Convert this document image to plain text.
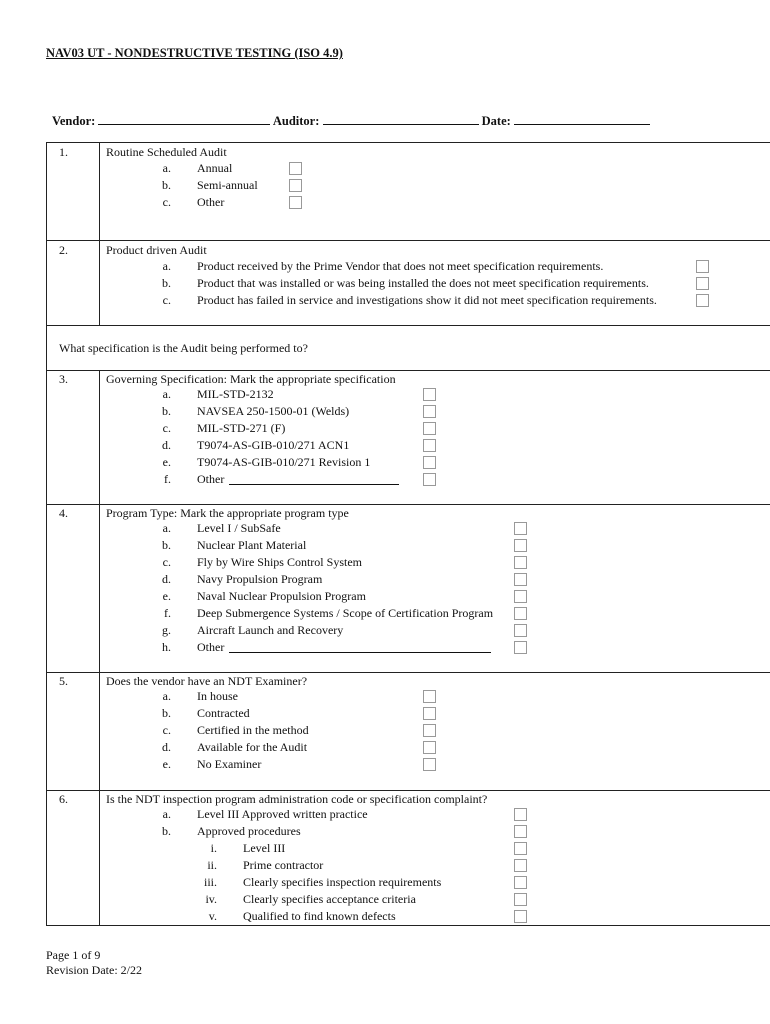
NAV03 UT - NONDESTRUCTIVE TESTING (ISO 4.9)
Vendor:	Auditor:	Date:
1.	Routine Scheduled Audit
a. Annual
b. Semi-annual
c. Other
2.	Product driven Audit
a. Product received by the Prime Vendor that does not meet specification requirements.
b. Product that was installed or was being installed the does not meet specification requirements.
c. Product has failed in service and investigations show it did not meet specification requirements.
What specification is the Audit being performed to?
3.	Governing Specification: Mark the appropriate specification
a. MIL-STD-2132
b. NAVSEA 250-1500-01 (Welds)
c. MIL-STD-271 (F)
d. T9074-AS-GIB-010/271 ACN1
e. T9074-AS-GIB-010/271 Revision 1
f. Other
4.	Program Type: Mark the appropriate program type
a. Level I / SubSafe
b. Nuclear Plant Material
c. Fly by Wire Ships Control System
d. Navy Propulsion Program
e. Naval Nuclear Propulsion Program
f. Deep Submergence Systems / Scope of Certification Program
g. Aircraft Launch and Recovery
h. Other
5.	Does the vendor have an NDT Examiner?
a. In house
b. Contracted
c. Certified in the method
d. Available for the Audit
e. No Examiner
6.	Is the NDT inspection program administration code or specification complaint?
a. Level III Approved written practice
b. Approved procedures
i. Level III
ii. Prime contractor
iii. Clearly specifies inspection requirements
iv. Clearly specifies acceptance criteria
v. Qualified to find known defects
Page 1 of 9
Revision Date: 2/22
